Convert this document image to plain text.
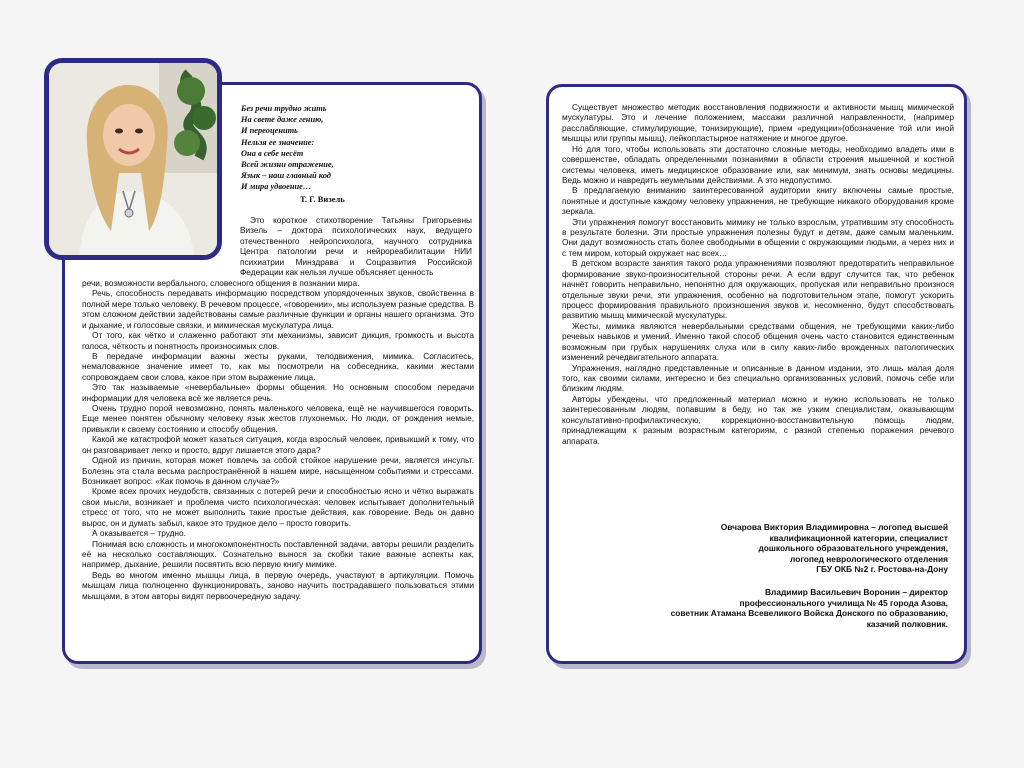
Без речи трудно жить
На свете даже гению,
И переоценить
Нельзя ее значение:
Она в себе несёт
Всей жизни отражение,
Язык – наш главный код
И мира удвоение…
Т. Г. Визель

Это короткое стихотворение Татьяны Григорьевны Визель – доктора психологических наук, ведущего отечественного нейропсихолога, научного сотрудника Центра патологии речи и нейрореабилитации НИИ психиатрии Минздрава и Соцразвития Российской Федерации как нельзя лучше объясняет ценность

речи, возможности вербального, словесного общения в познании мира.

Речь, способность передавать информацию посредством упорядоченных звуков, свойственна в полной мере только человеку. В речевом процессе, «говорении», мы используем разные средства. В этом сложном действии задействованы самые различные функции и органы нашего организма. Это и дыхание, и голосовые связки, и мимическая мускулатура лица.

От того, как чётко и слаженно работают эти механизмы, зависит дикция, громкость и высота голоса, чёткость и понятность произносимых слов.

В передаче информации важны жесты руками, телодвижения, мимика. Согласитесь, немаловажное значение имеет то, как мы посмотрели на собеседника, какими жестами сопровождаем свои слова, какое при этом выражение лица.

Это так называемые «невербальные» формы общения. Но основным способом передачи информации для человека всё же является речь.

Очень трудно порой невозможно, понять маленького человека, ещё не научившегося говорить. Еще менее понятен обычному человеку язык жестов глухонемых. Но люди, от рождения немые, привыкли к своему состоянию и способу общения.

Какой же катастрофой может казаться ситуация, когда взрослый человек, привыкший к тому, что он разговаривает легко и просто, вдруг лишается этого дара?

Одной из причин, которая может повлечь за собой стойкое нарушение речи, является инсульт. Болезнь эта стала весьма распространённой в нашем мире, насыщенном событиями и стрессами. Возникает вопрос: «Как помочь в данном случае?»

Кроме всех прочих неудобств, связанных с потерей речи и способностью ясно и чётко выражать свои мысли, возникает и проблема чисто психологическая: человек испытывает дополнительный стресс от того, что не может выполнить такие простые действия, как говорение. Ведь он давно вырос, он и думать забыл, какое это трудное дело – просто говорить.

А оказывается – трудно.

Понимая всю сложность и многокомпонентность поставленной задачи, авторы решили разделить её на несколько составляющих. Сознательно вынося за скобки такие важные аспекты как, например, дыхание, решили посвятить всю первую книгу мимике.

Ведь во многом именно мышцы лица, в первую очередь, участвуют в артикуляции. Помочь мышцам лица полноценно функционировать, заново научить пострадавшего пользоваться этими мышцами, в этом авторы видят первоочередную задачу.

Существует множество методик восстановления подвижности и активности мышц мимической мускулатуры. Это и лечение положением, массажи различной направленности, (например расслабляющие, стимулирующие, тонизирующие), прием «редукции»(обозначение той или иной мышцы или группы мышц), лейкопластырное натяжение и многое другое.

Но для того, чтобы использовать эти достаточно сложные методы, необходимо владеть ими в совершенстве, обладать определенными познаниями в области строения мышечной и костной системы человека, иметь медицинское образование или, как минимум, знать основы медицины. Ведь можно и навредить неумелыми действиями. А это недопустимо.

В предлагаемую вниманию заинтересованной аудитории книгу включены самые простые, понятные и доступные каждому человеку упражнения, не требующие никакого оборудования кроме зеркала.

Эти упражнения помогут восстановить мимику не только взрослым, утратившим эту способность в результате болезни. Эти простые упражнения полезны будут и детям, даже самым маленьким. Они дадут возможность стать более свободными в общении с окружающими людьми, а через них и с тем миром, который окружает нас всех…

В детском возрасте занятия такого рода упражнениями позволяют предотвратить неправильное формирование звуко-произносительной стороны речи. А если вдруг случится так, что ребенок начнёт говорить неправильно, непонятно для окружающих, пропуская или неправильно произнося отдельные звуки речи, эти упражнения, особенно на подготовительном этапе, помогут ускорить процесс формирования правильного произношения звуков и, несомненно, будут способствовать развитию мышц мимической мускулатуры.

Жесты, мимика являются невербальными средствами общения, не требующими каких-либо речевых навыков и умений. Именно такой способ общения очень часто становится единственным возможным при грубых нарушениях слуха или в силу каких-либо врожденных патологических изменений речедвигательного аппарата.

Упражнения, наглядно представленные и описанные в данном издании, это лишь малая доля того, как своими силами, интересно и без специально организованных условий, помочь себе или близким людям.

Авторы убеждены, что предложенный материал можно и нужно использовать не только заинтересованным людям, попавшим в беду, но так же узким специалистам, оказывающим консультативно-профилактическую, коррекционно-восстановительную помощь людям, принадлежащим к разным возрастным категориям, с разной степенью поражения речевого аппарата.

Овчарова Виктория Владимировна – логопед высшей
квалификационной категории, специалист
дошкольного образовательного учреждения,
логопед неврологического отделения
ГБУ ОКБ №2 г. Ростова-на-Дону
Владимир Васильевич Воронин – директор
профессионального училища № 45 города Азова,
советник Атамана Всевеликого Войска Донского по образованию,
казачий полковник.
